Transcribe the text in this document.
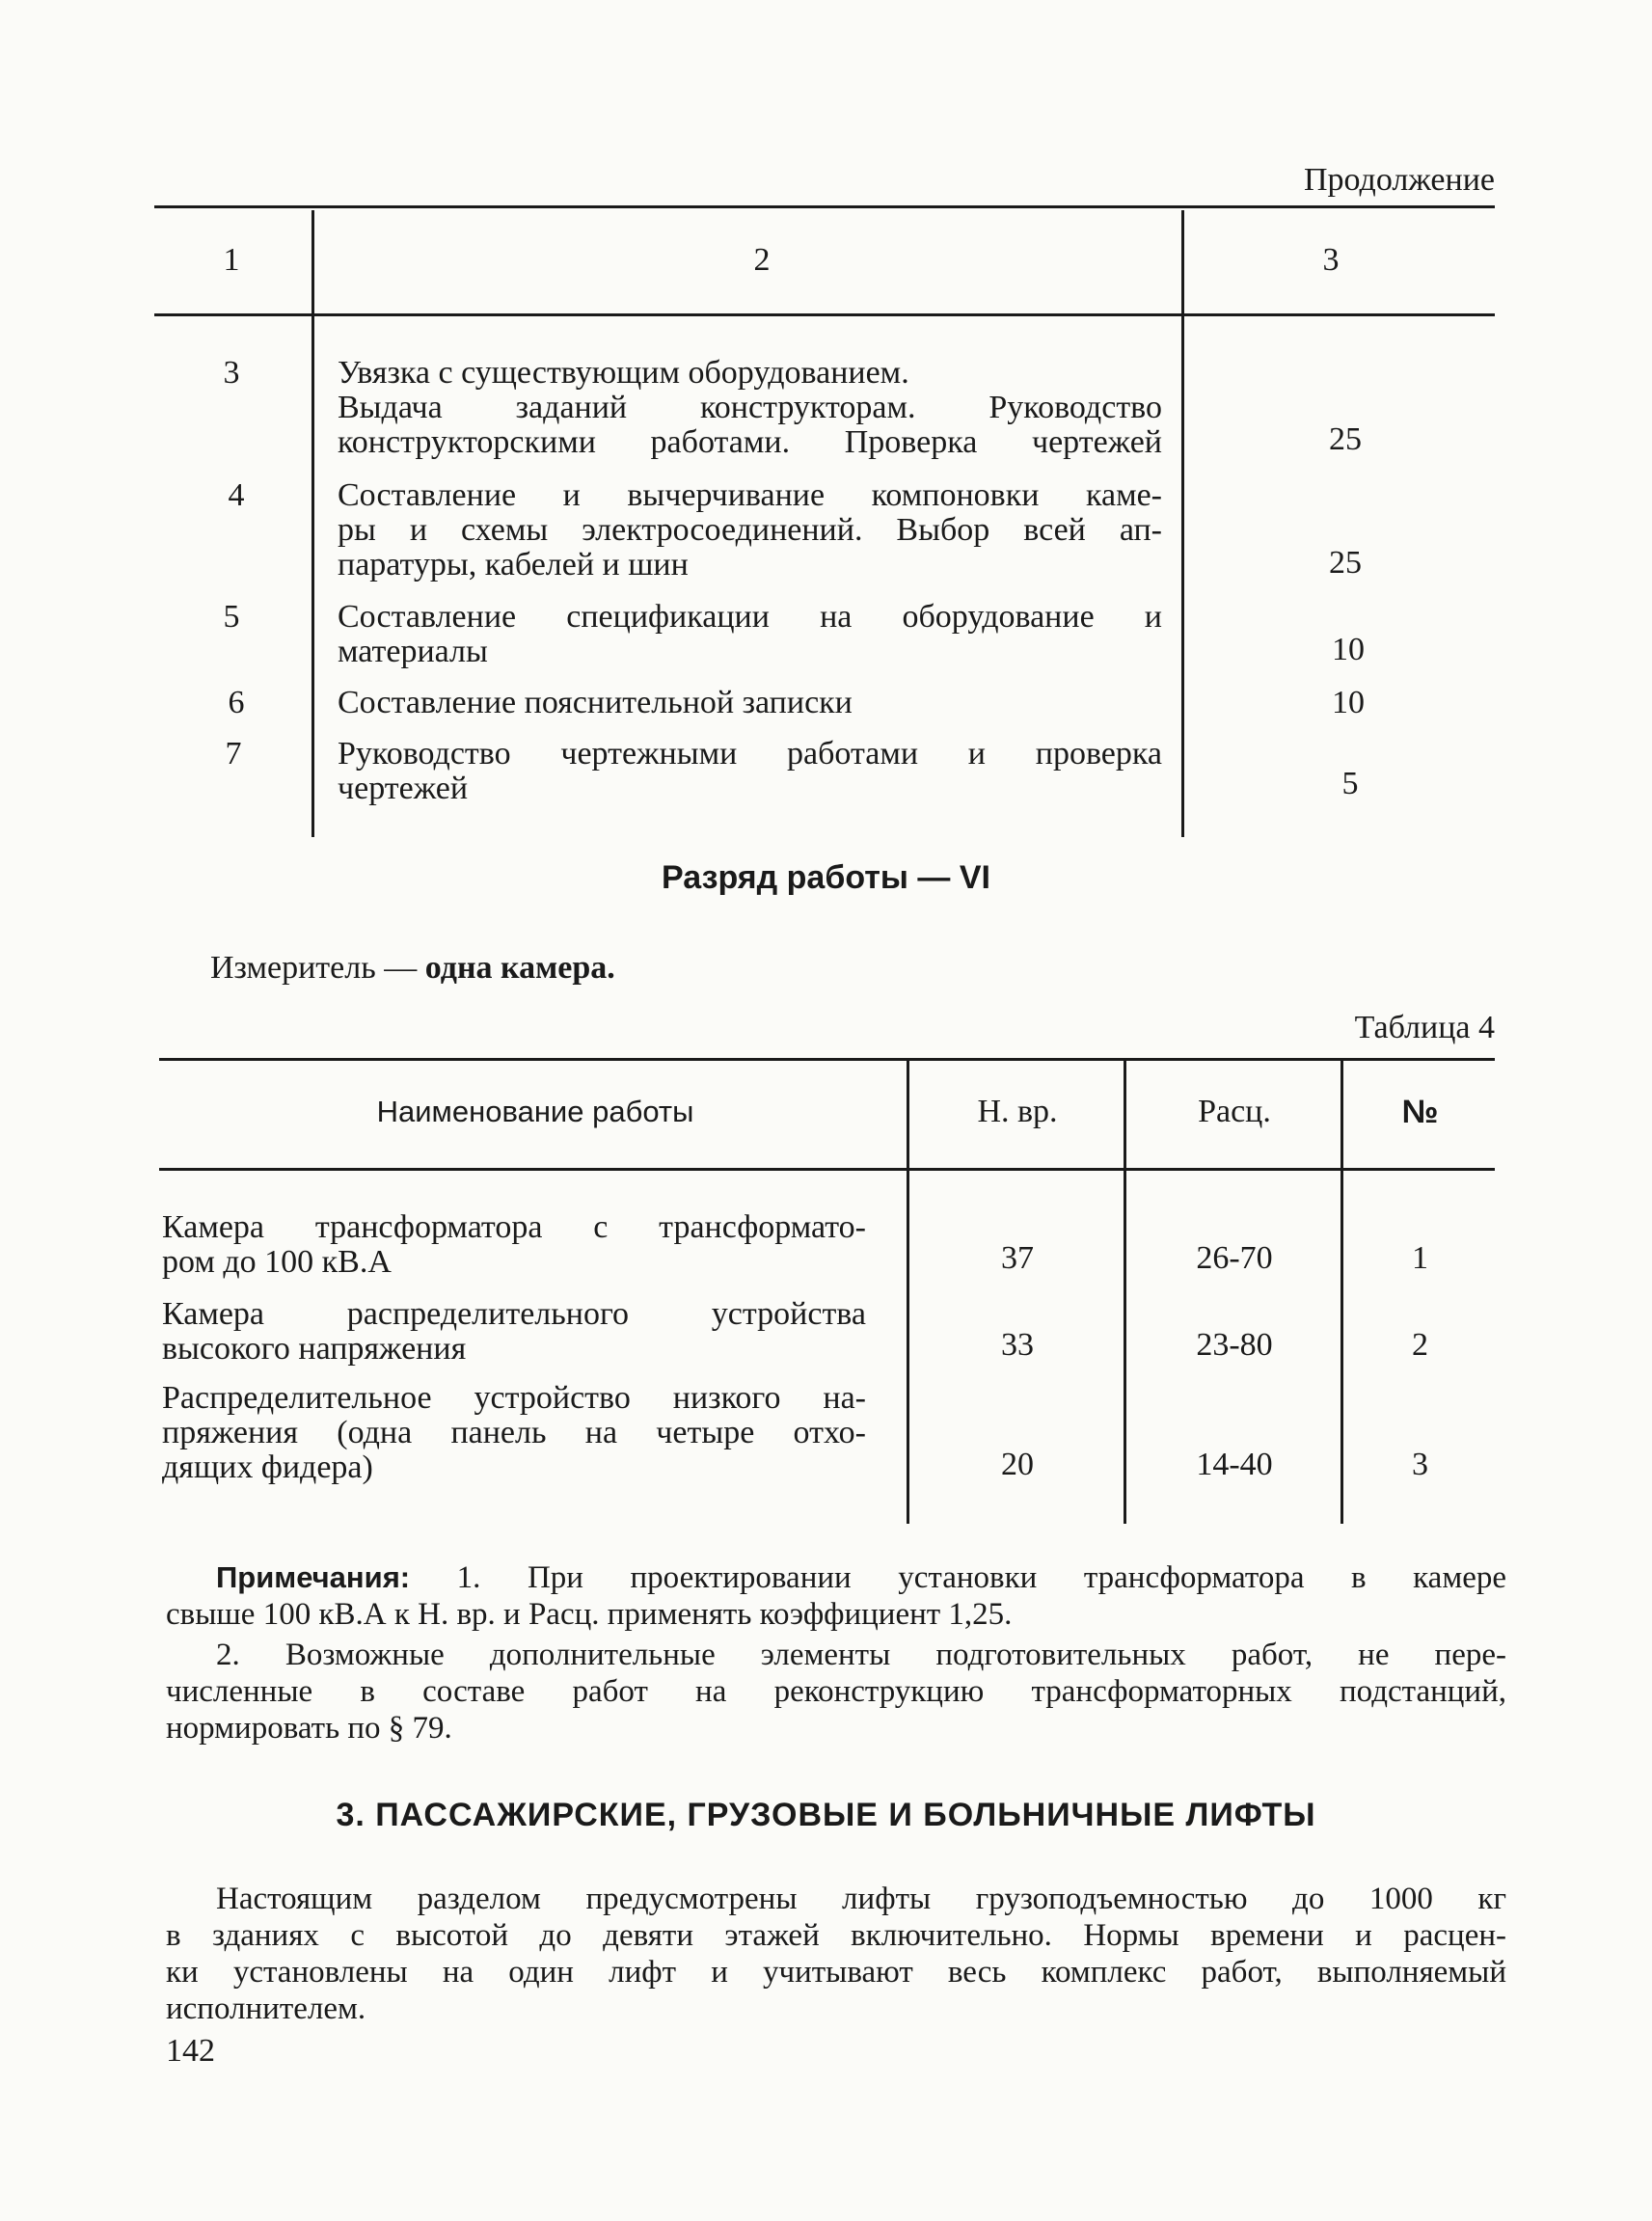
Продолжение
1	2	3
3	Увязка с существующим оборудованием.
Выдача заданий конструкторам. Руководство
конструкторскими работами. Проверка чертежей	25
4	Составление и вычерчивание компоновки каме-
ры и схемы электросоединений. Выбор всей ап-
паратуры, кабелей и шин	25
5	Составление спецификации на оборудование и
материалы	10
6	Составление пояснительной записки	10
7	Руководство чертежными работами и проверка
чертежей	5
Разряд работы — VI
Измеритель — одна камера.
Таблица 4
Наименование работы	Н. вр.	Расц.	№
Камера трансформатора с трансформато-
ром до 100 кВ.А	37	26-70	1
Камера распределительного устройства
высокого напряжения	33	23-80	2
Распределительное устройство низкого на-
пряжения (одна панель на четыре отхо-
дящих фидера)	20	14-40	3
Примечания: 1. При проектировании установки трансформатора в камере
свыше 100 кВ.А к Н. вр. и Расц. применять коэффициент 1,25.
2. Возможные дополнительные элементы подготовительных работ, не пере-
численные в составе работ на реконструкцию трансформаторных подстанций,
нормировать по § 79.
3. ПАССАЖИРСКИЕ, ГРУЗОВЫЕ И БОЛЬНИЧНЫЕ ЛИФТЫ
Настоящим разделом предусмотрены лифты грузоподъемностью до 1000 кг
в зданиях с высотой до девяти этажей включительно. Нормы времени и расцен-
ки установлены на один лифт и учитывают весь комплекс работ, выполняемый
исполнителем.
142
